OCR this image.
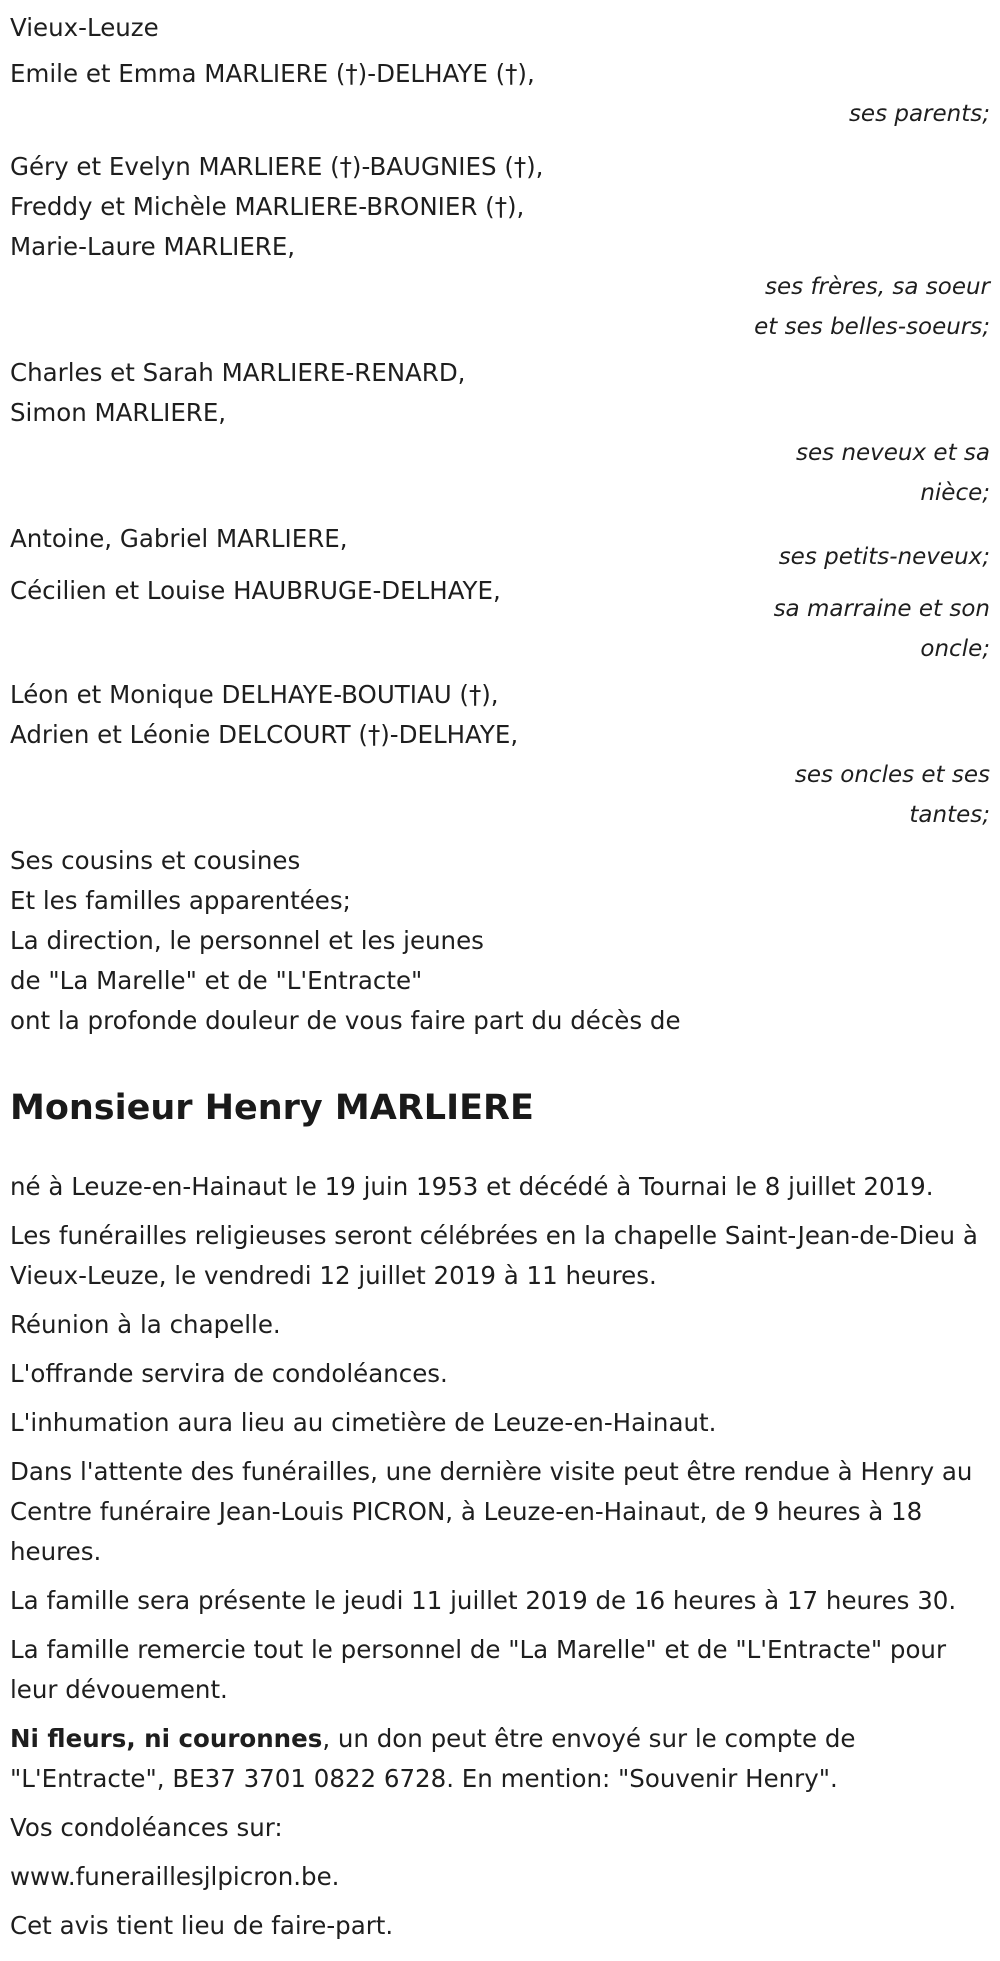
Vieux-Leuze
Emile et Emma MARLIERE (†)-DELHAYE (†),
ses parents;
Géry et Evelyn MARLIERE (†)-BAUGNIES (†),
Freddy et Michèle MARLIERE-BRONIER (†),
Marie-Laure MARLIERE,
ses frères, sa soeur
et ses belles-soeurs;
Charles et Sarah MARLIERE-RENARD,
Simon MARLIERE,
ses neveux et sa
nièce;
Antoine, Gabriel MARLIERE,
ses petits-neveux;
Cécilien et Louise HAUBRUGE-DELHAYE,
sa marraine et son
oncle;
Léon et Monique DELHAYE-BOUTIAU (†),
Adrien et Léonie DELCOURT (†)-DELHAYE,
ses oncles et ses
tantes;
Ses cousins et cousines
Et les familles apparentées;
La direction, le personnel et les jeunes
de "La Marelle" et de "L'Entracte"
ont la profonde douleur de vous faire part du décès de
Monsieur Henry MARLIERE

né à Leuze-en-Hainaut le 19 juin 1953 et décédé à Tournai le 8 juillet 2019.

Les funérailles religieuses seront célébrées en la chapelle Saint-Jean-de-Dieu à Vieux-Leuze, le vendredi 12 juillet 2019 à 11 heures.

Réunion à la chapelle.

L'offrande servira de condoléances.

L'inhumation aura lieu au cimetière de Leuze-en-Hainaut.

Dans l'attente des funérailles, une dernière visite peut être rendue à Henry au Centre funéraire Jean-Louis PICRON, à Leuze-en-Hainaut, de 9 heures à 18 heures.

La famille sera présente le jeudi 11 juillet 2019 de 16 heures à 17 heures 30.

La famille remercie tout le personnel de "La Marelle" et de "L'Entracte" pour leur dévouement.

Ni fleurs, ni couronnes, un don peut être envoyé sur le compte de "L'Entracte", BE37 3701 0822 6728. En mention: "Souvenir Henry".

Vos condoléances sur:

www.funeraillesjlpicron.be.

Cet avis tient lieu de faire-part.
